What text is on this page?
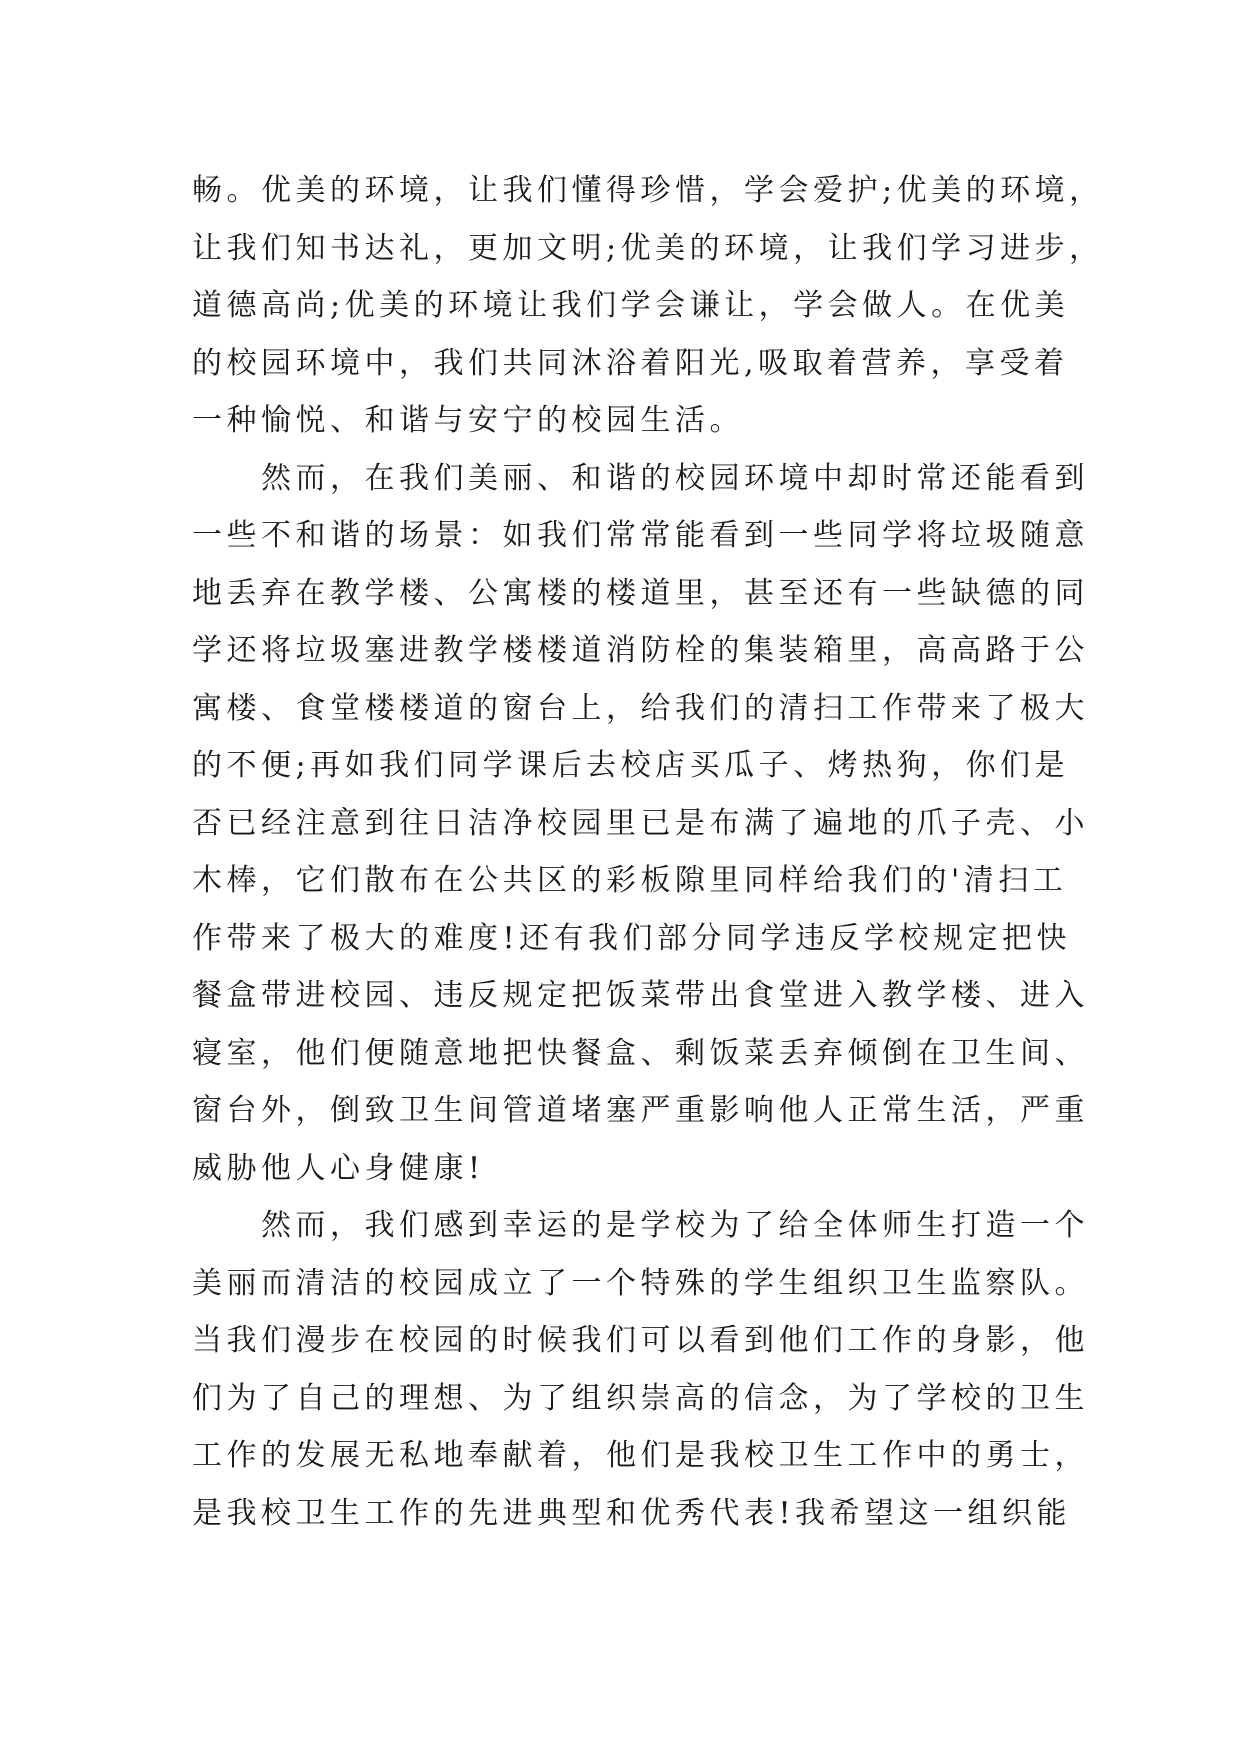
畅。优美的环境，让我们懂得珍惜，学会爱护;优美的环境，
让我们知书达礼，更加文明;优美的环境，让我们学习进步，
道德高尚;优美的环境让我们学会谦让，学会做人。在优美
的校园环境中，我们共同沐浴着阳光,吸取着营养，享受着
一种愉悦、和谐与安宁的校园生活。
　　然而，在我们美丽、和谐的校园环境中却时常还能看到
一些不和谐的场景：如我们常常能看到一些同学将垃圾随意
地丢弃在教学楼、公寓楼的楼道里，甚至还有一些缺德的同
学还将垃圾塞进教学楼楼道消防栓的集装箱里，高高路于公
寓楼、食堂楼楼道的窗台上，给我们的清扫工作带来了极大
的不便;再如我们同学课后去校店买瓜子、烤热狗，你们是
否已经注意到往日洁净校园里已是布满了遍地的爪子壳、小
木棒，它们散布在公共区的彩板隙里同样给我们的'清扫工
作带来了极大的难度!还有我们部分同学违反学校规定把快
餐盒带进校园、违反规定把饭菜带出食堂进入教学楼、进入
寝室，他们便随意地把快餐盒、剩饭菜丢弃倾倒在卫生间、
窗台外，倒致卫生间管道堵塞严重影响他人正常生活，严重
威胁他人心身健康!
　　然而，我们感到幸运的是学校为了给全体师生打造一个
美丽而清洁的校园成立了一个特殊的学生组织卫生监察队。
当我们漫步在校园的时候我们可以看到他们工作的身影，他
们为了自己的理想、为了组织崇高的信念，为了学校的卫生
工作的发展无私地奉献着，他们是我校卫生工作中的勇士，
是我校卫生工作的先进典型和优秀代表!我希望这一组织能
